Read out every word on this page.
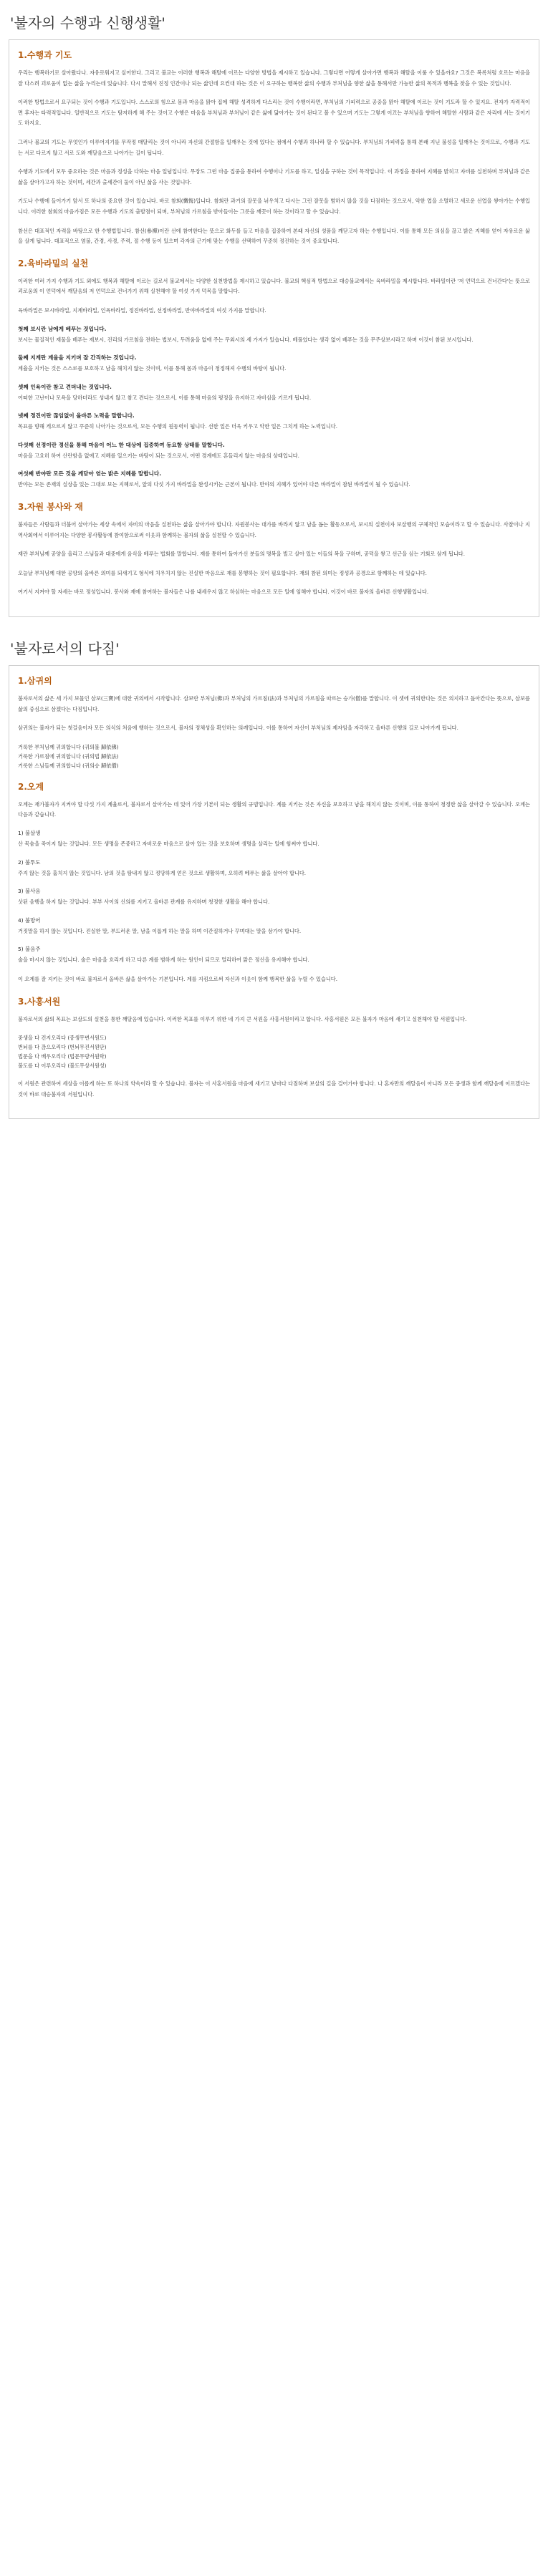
'불자의 수행과 신행생활'
1.수행과 기도

우리는 행복하기로 살아왔다나. 자유로워지고 싶어한다. 그리고 불교는 이러한 행복과 해탈에 이르는 다양한 방법을 제시하고 있습니다. 그렇다면 어떻게 살아가면 행복과 해탈을 이룰 수 있을까요? 그것은 복록처럼 흐르는 마음을 잘 다스려 괴로움이 없는 삶을 누리는데 있습니다. 다시 말해서 진정 인간이나 되는 삶인데 요컨대 하는 것은 이 요구하는 행복한 삶의 수행과 부처님을 향한 삶을 통해서만 가능한 삶의 목적과 행복을 찾을 수 있는 것입니다.

이러한 방법으로서 요구되는 것이 수행과 기도입니다. 스스로의 힘으로 몸과 마음을 맑아 집에 해탈 성격하게 다스리는 것이 수행이라면, 부처님의 가피력으로 공중을 맑아 해탈에 이르는 것이 기도라 할 수 있지요. 전자가 자력적이면 후자는 타력적입니다. 일반적으로 기도는 탐저하게 해 주는 것이고 수행은 마음을 부처님과 부처님이 같은 삶에 닮아가는 것이 된다고 볼 수 있으며 기도는 그렇게 이끄는 부처님을 향하여 해탈한 사람과 같은 자리에 서는 것이기도 하지요.

그러나 불교의 기도는 무엇인가 이루어지기를 무작정 매달리는 것이 아니라 자신의 간절함을 일깨우는 것에 있다는 점에서 수행과 하나라 할 수 있습니다. 부처님의 가피력을 통해 본래 지닌 불성을 일깨우는 것이므로, 수행과 기도는 서로 다르지 않고 서로 도와 깨달음으로 나아가는 길이 됩니다.

수행과 기도에서 모두 중요하는 것은 마음과 정성을 다하는 마음 일념입니다. 무장도 그런 마음 집중을 통하여 수행이나 기도를 하고, 일심을 구하는 것이 목적입니다. 이 과정을 통하여 지혜를 밝히고 자비를 실천하며 부처님과 같은 삶을 살아가고자 하는 것이며, 세간과 출세간이 둘이 아닌 삶을 사는 것입니다.

기도나 수행에 들어가기 앞서 또 하나의 중요한 것이 있습니다. 바로 참회(懺悔)입니다. 참회란 과거의 잘못을 뉘우치고 다시는 그런 잘못을 범하지 않을 것을 다짐하는 것으로서, 악한 업을 소멸하고 새로운 선업을 쌓아가는 수행입니다. 이러한 참회의 마음가짐은 모든 수행과 기도의 출발점이 되며, 부처님의 가르침을 받아들이는 그릇을 깨끗이 하는 것이라고 할 수 있습니다.

참선은 대표적인 자력을 바탕으로 한 수행법입니다. 참선(參禪)이란 선에 참여한다는 뜻으로 화두를 들고 마음을 집중하여 본래 자신의 성품을 깨닫고자 하는 수행입니다. 이를 통해 모든 의심을 끊고 밝은 지혜를 얻어 자유로운 삶을 살게 됩니다. 대표적으로 염불, 간경, 사경, 주력, 절 수행 등이 있으며 각자의 근기에 맞는 수행을 선택하여 꾸준히 정진하는 것이 중요합니다.

2.육바라밀의 실천

이러한 여러 가지 수행과 기도 외에도 행복과 해탈에 이르는 길로서 불교에서는 다양한 실천방법을 제시하고 있습니다. 불교의 핵심적 방법으로 대승불교에서는 육바라밀을 제시합니다. 바라밀이란 '저 언덕으로 건너간다'는 뜻으로 괴로움의 이 언덕에서 깨달음의 저 언덕으로 건너가기 위해 실천해야 할 여섯 가지 덕목을 말합니다.

육바라밀은 보시바라밀, 지계바라밀, 인욕바라밀, 정진바라밀, 선정바라밀, 반야바라밀의 여섯 가지를 말합니다.

첫째 보시란 남에게 베푸는 것입니다.

보시는 물질적인 재물을 베푸는 재보시, 진리의 가르침을 전하는 법보시, 두려움을 없애 주는 무외시의 세 가지가 있습니다. 베풀었다는 생각 없이 베푸는 것을 무주상보시라고 하며 이것이 참된 보시입니다.

둘째 지계란 계율을 지키며 잘 간직하는 것입니다.

계율을 지키는 것은 스스로를 보호하고 남을 해치지 않는 것이며, 이를 통해 몸과 마음이 청정해져 수행의 바탕이 됩니다.

셋째 인욕이란 참고 견뎌내는 것입니다.

어떠한 고난이나 모욕을 당하더라도 성내지 않고 참고 견디는 것으로서, 이를 통해 마음의 평정을 유지하고 자비심을 기르게 됩니다.

넷째 정진이란 끊임없이 올바른 노력을 말합니다.

목표를 향해 게으르지 않고 꾸준히 나아가는 것으로서, 모든 수행의 원동력이 됩니다. 선한 일은 더욱 키우고 악한 일은 그치게 하는 노력입니다.

다섯째 선정이란 정신을 통해 마음이 어느 한 대상에 집중하여 동요함 상태를 말합니다.

마음을 고요히 하여 산란함을 없애고 지혜를 일으키는 바탕이 되는 것으로서, 어떤 경계에도 흔들리지 않는 마음의 상태입니다.

여섯째 반야란 모든 것을 깨닫아 얻는 밝은 지혜를 말합니다.

반야는 모든 존재의 실상을 있는 그대로 보는 지혜로서, 앞의 다섯 가지 바라밀을 완성시키는 근본이 됩니다. 반야의 지혜가 있어야 다른 바라밀이 참된 바라밀이 될 수 있습니다.

3.자원 봉사와 재

불자들은 사람들과 더불어 살아가는 세상 속에서 자비의 마음을 실천하는 삶을 살아가야 합니다. 자원봉사는 대가를 바라지 않고 남을 돕는 활동으로서, 보시의 실천이자 보살행의 구체적인 모습이라고 할 수 있습니다. 사찰이나 지역사회에서 이루어지는 다양한 봉사활동에 참여함으로써 이웃과 함께하는 불자의 삶을 실천할 수 있습니다.

재란 부처님께 공양을 올리고 스님들과 대중에게 음식을 베푸는 법회를 말합니다. 재를 통하여 돌아가신 분들의 명복을 빌고 살아 있는 이들의 복을 구하며, 공덕을 쌓고 선근을 심는 기회로 삼게 됩니다.

오늘날 부처님께 대한 공양의 올바른 의미를 되새기고 형식에 치우치지 않는 진실한 마음으로 재를 봉행하는 것이 필요합니다. 재의 참된 의미는 정성과 공경으로 함께하는 데 있습니다.

여기서 지켜야 할 자세는 바로 정성입니다. 봉사와 재에 참여하는 불자들은 나를 내세우지 않고 하심하는 마음으로 모든 일에 임해야 합니다. 이것이 바로 불자의 올바른 신행생활입니다.

'불자로서의 다짐'
1.삼귀의

불자로서의 삶은 세 가지 보물인 삼보(三寶)에 대한 귀의에서 시작합니다. 삼보란 부처님(佛)과 부처님의 가르침(法)과 부처님의 가르침을 따르는 승가(僧)를 말합니다. 이 셋에 귀의한다는 것은 의지하고 돌아간다는 뜻으로, 삼보를 삶의 중심으로 삼겠다는 다짐입니다.

삼귀의는 불자가 되는 첫걸음이자 모든 의식의 처음에 행하는 것으로서, 불자의 정체성을 확인하는 의례입니다. 이를 통하여 자신이 부처님의 제자임을 자각하고 올바른 신행의 길로 나아가게 됩니다.

거룩한 부처님께 귀의합니다 (귀의불 歸依佛)

거룩한 가르침에 귀의합니다 (귀의법 歸依法)

거룩한 스님들께 귀의합니다 (귀의승 歸依僧)

2.오계

오계는 재가불자가 지켜야 할 다섯 가지 계율로서, 불자로서 살아가는 데 있어 가장 기본이 되는 생활의 규범입니다. 계를 지키는 것은 자신을 보호하고 남을 해치지 않는 것이며, 이를 통하여 청정한 삶을 살아갈 수 있습니다. 오계는 다음과 같습니다.

1) 불살생

산 목숨을 죽이지 않는 것입니다. 모든 생명을 존중하고 자비로운 마음으로 살아 있는 것을 보호하며 생명을 살리는 일에 힘써야 합니다.

2) 불투도

주지 않는 것을 훔치지 않는 것입니다. 남의 것을 탐내지 않고 정당하게 얻은 것으로 생활하며, 오히려 베푸는 삶을 살아야 합니다.

3) 불사음

삿된 음행을 하지 않는 것입니다. 부부 사이의 신의를 지키고 올바른 관계를 유지하며 청정한 생활을 해야 합니다.

4) 불망어

거짓말을 하지 않는 것입니다. 진실한 말, 부드러운 말, 남을 이롭게 하는 말을 하며 이간질하거나 꾸며대는 말을 삼가야 합니다.

5) 불음주

술을 마시지 않는 것입니다. 술은 마음을 흐리게 하고 다른 계를 범하게 하는 원인이 되므로 멀리하여 맑은 정신을 유지해야 합니다.

이 오계를 잘 지키는 것이 바로 불자로서 올바른 삶을 살아가는 기본입니다. 계를 지킴으로써 자신과 이웃이 함께 행복한 삶을 누릴 수 있습니다.

3.사홍서원

불자로서의 삶의 목표는 보살도의 실천을 통한 깨달음에 있습니다. 이러한 목표를 이루기 위한 네 가지 큰 서원을 사홍서원이라고 합니다. 사홍서원은 모든 불자가 마음에 새기고 실천해야 할 서원입니다.

중생을 다 건지오리다 (중생무변서원도)

번뇌를 다 끊으오리다 (번뇌무진서원단)

법문을 다 배우오리다 (법문무량서원학)

불도를 다 이루오리다 (불도무상서원성)

이 서원은 관련하여 세상을 이롭게 하는 또 하나의 약속이라 할 수 있습니다. 불자는 이 사홍서원을 마음에 새기고 날마다 다짐하며 보살의 길을 걸어가야 합니다. 나 혼자만의 깨달음이 아니라 모든 중생과 함께 깨달음에 이르겠다는 것이 바로 대승불자의 서원입니다.
